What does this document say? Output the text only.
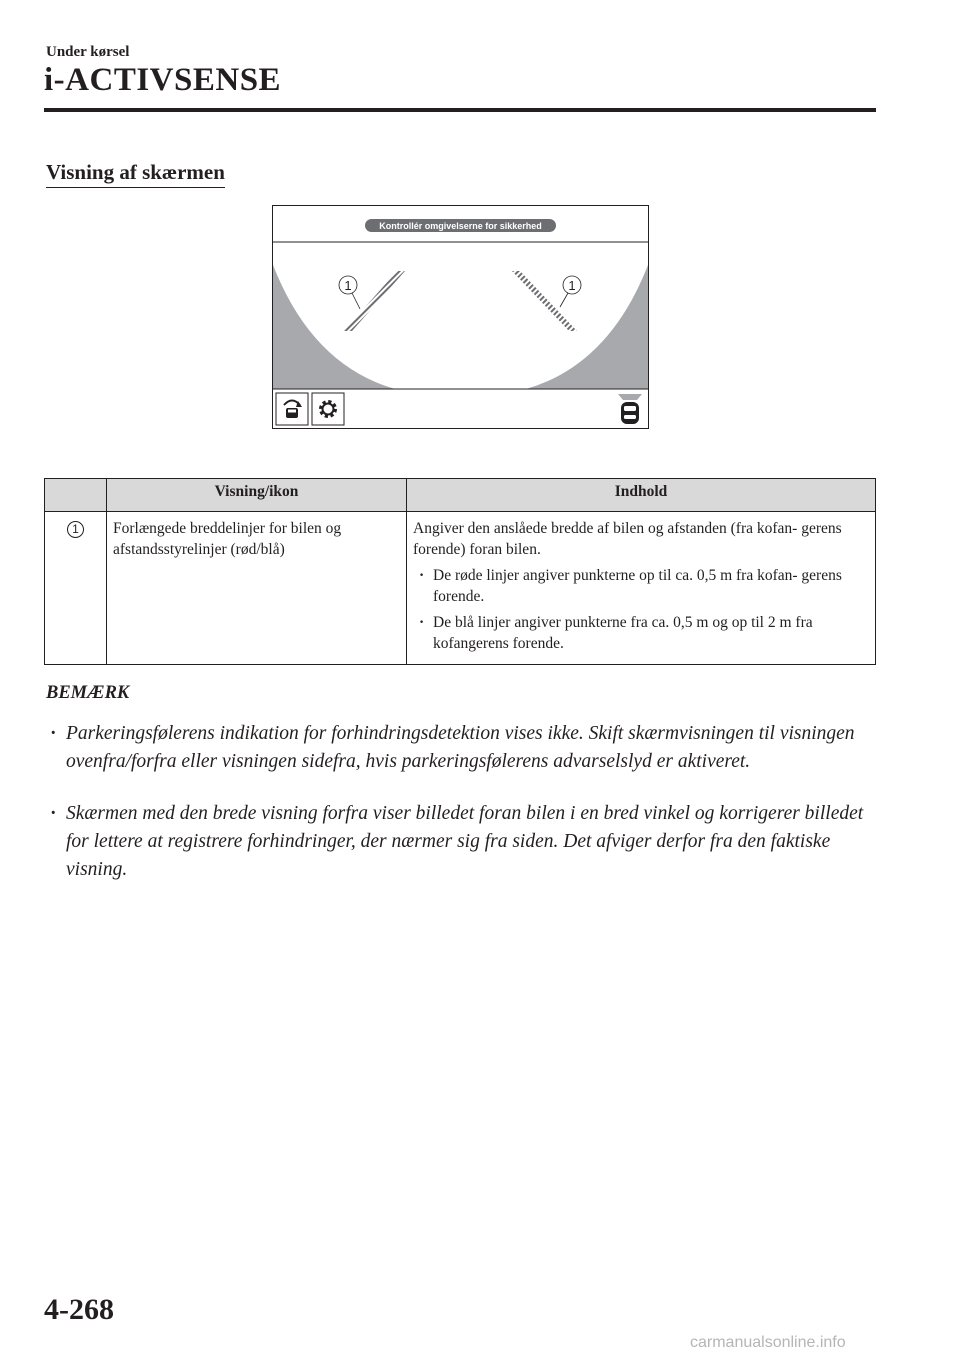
Under kørsel
i-ACTIVSENSE
Visning af skærmen
1	1
Kontrollér omgivelserne for sikkerhed
	Visning/ikon	Indhold
1	Forlængede breddelinjer for bilen og afstandsstyrelinjer (rød/blå)	Angiver den anslåede bredde af bilen og afstanden (fra kofan- gerens forende) foran bilen.
· De røde linjer angiver punkterne op til ca. 0,5 m fra kofan- gerens forende.
· De blå linjer angiver punkterne fra ca. 0,5 m og op til 2 m fra kofangerens forende.
BEMÆRK
· Parkeringsfølerens indikation for forhindringsdetektion vises ikke. Skift skærmvisningen til visningen ovenfra/forfra eller visningen sidefra, hvis parkeringsfølerens advarselslyd er aktiveret.
· Skærmen med den brede visning forfra viser billedet foran bilen i en bred vinkel og korrigerer billedet for lettere at registrere forhindringer, der nærmer sig fra siden. Det afviger derfor fra den faktiske visning.
4-268
carmanualsonline.info
